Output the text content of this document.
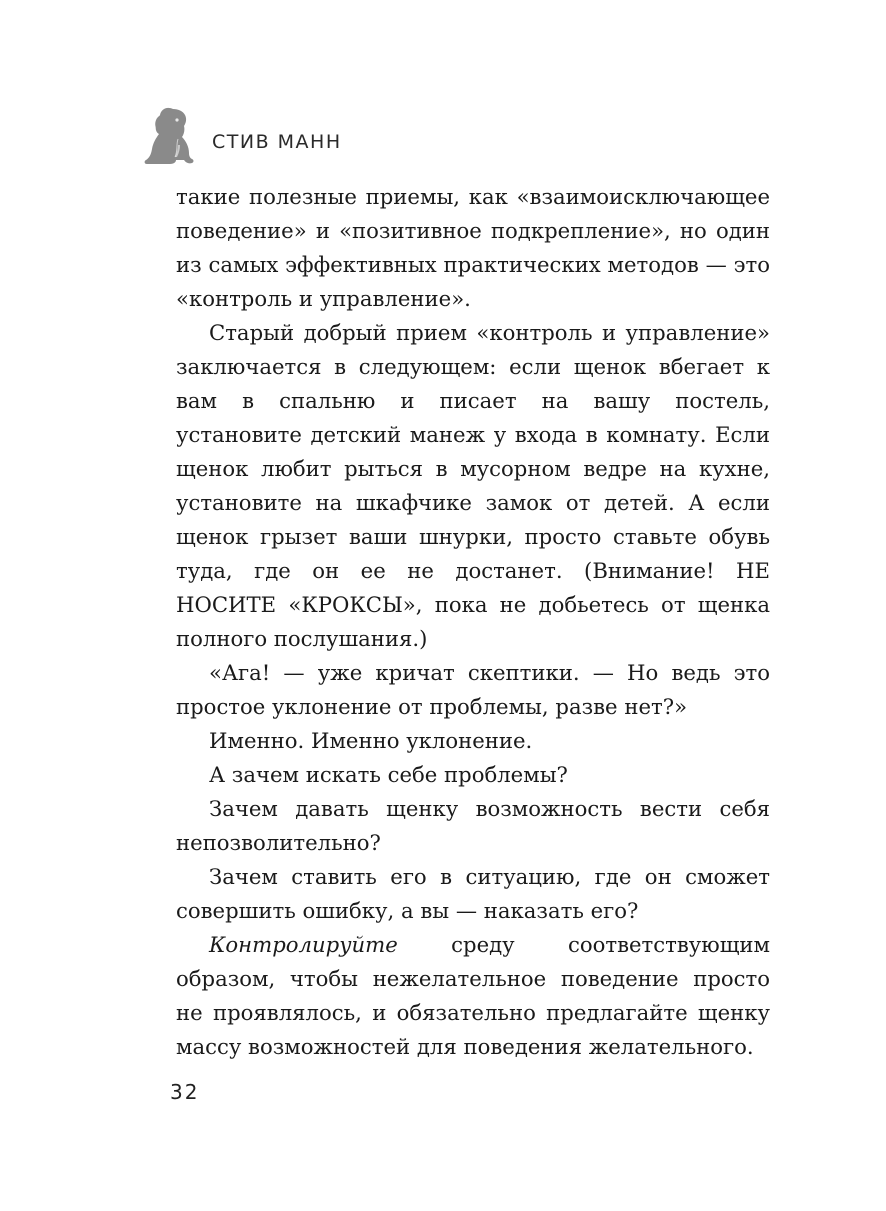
СТИВ МАНН

такие полезные приемы, как «взаимоисключающее поведение» и «позитивное подкрепление», но один из самых эффективных практических методов — это «контроль и управление».

Старый добрый прием «контроль и управление» заключается в следующем: если щенок вбегает к вам в спальню и писает на вашу постель, установите детский манеж у входа в комнату. Если щенок любит рыться в мусорном ведре на кухне, установите на шкафчике замок от детей. А если щенок грызет ваши шнурки, просто ставьте обувь туда, где он ее не достанет. (Внимание! НЕ НОСИТЕ «КРОКСЫ», пока не добьетесь от щенка полного послушания.)

«Ага! — уже кричат скептики. — Но ведь это простое уклонение от проблемы, разве нет?»

Именно. Именно уклонение.

А зачем искать себе проблемы?

Зачем давать щенку возможность вести себя непозволительно?

Зачем ставить его в ситуацию, где он сможет совершить ошибку, а вы — наказать его?

Контролируйте среду соответствующим образом, чтобы нежелательное поведение просто не проявлялось, и обязательно предлагайте щенку массу возможностей для поведения желательного.

32
